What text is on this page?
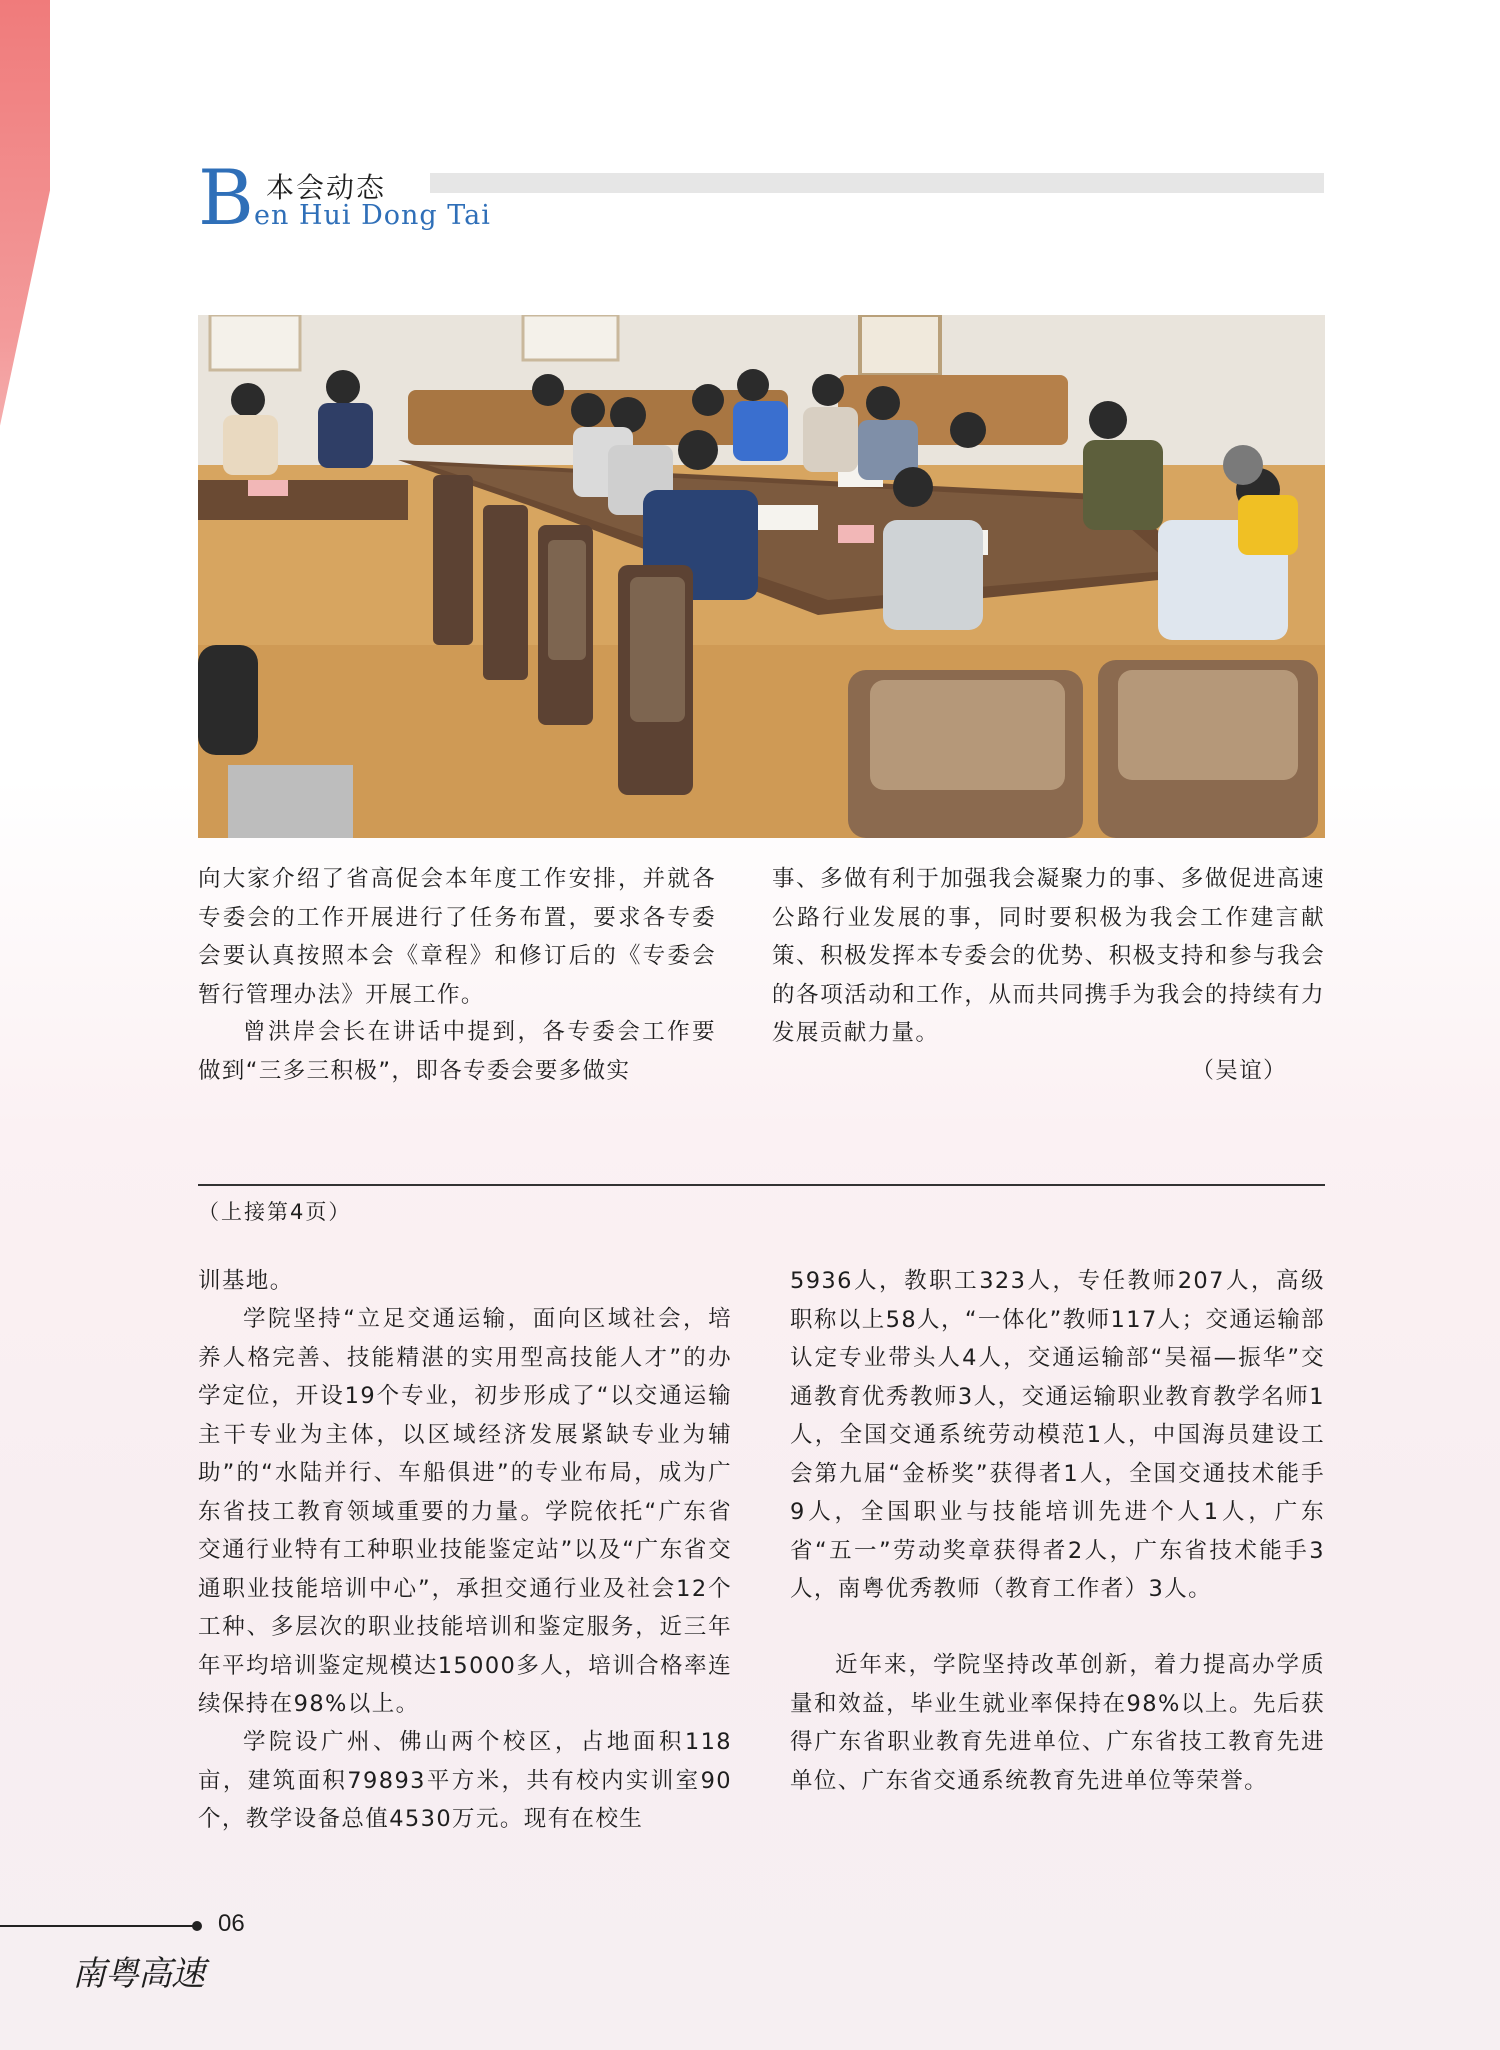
B 本会动态
en Hui Dong Tai

向大家介绍了省高促会本年度工作安排，并就各专委会的工作开展进行了任务布置，要求各专委会要认真按照本会《章程》和修订后的《专委会暂行管理办法》开展工作。

曾洪岸会长在讲话中提到，各专委会工作要做到“三多三积极”，即各专委会要多做实

事、多做有利于加强我会凝聚力的事、多做促进高速公路行业发展的事，同时要积极为我会工作建言献策、积极发挥本专委会的优势、积极支持和参与我会的各项活动和工作，从而共同携手为我会的持续有力发展贡献力量。

（吴谊）

（上接第4页）

训基地。

学院坚持“立足交通运输，面向区域社会，培养人格完善、技能精湛的实用型高技能人才”的办学定位，开设19个专业，初步形成了“以交通运输主干专业为主体，以区域经济发展紧缺专业为辅助”的“水陆并行、车船俱进”的专业布局，成为广东省技工教育领域重要的力量。学院依托“广东省交通行业特有工种职业技能鉴定站”以及“广东省交通职业技能培训中心”，承担交通行业及社会12个工种、多层次的职业技能培训和鉴定服务，近三年年平均培训鉴定规模达15000多人，培训合格率连续保持在98%以上。

学院设广州、佛山两个校区，占地面积118亩，建筑面积79893平方米，共有校内实训室90个，教学设备总值4530万元。现有在校生

5936人，教职工323人，专任教师207人，高级职称以上58人，“一体化”教师117人；交通运输部认定专业带头人4人，交通运输部“吴福—振华”交通教育优秀教师3人，交通运输职业教育教学名师1人，全国交通系统劳动模范1人，中国海员建设工会第九届“金桥奖”获得者1人，全国交通技术能手9人，全国职业与技能培训先进个人1人，广东省“五一”劳动奖章获得者2人，广东省技术能手3人，南粤优秀教师（教育工作者）3人。

近年来，学院坚持改革创新，着力提高办学质量和效益，毕业生就业率保持在98%以上。先后获得广东省职业教育先进单位、广东省技工教育先进单位、广东省交通系统教育先进单位等荣誉。

06
南粤高速
